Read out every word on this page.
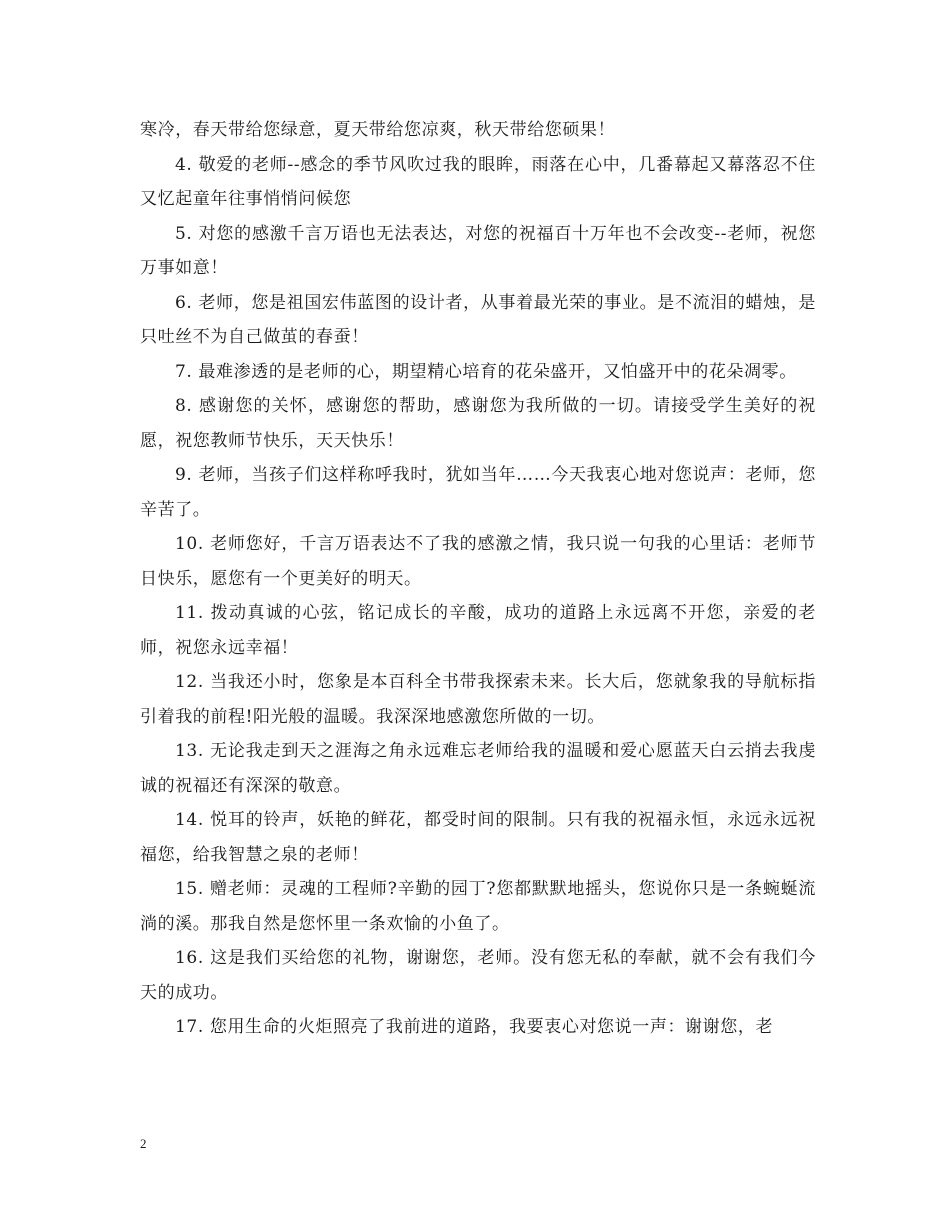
寒冷，春天带给您绿意，夏天带给您凉爽，秋天带给您硕果！

4. 敬爱的老师--感念的季节风吹过我的眼眸，雨落在心中，几番幕起又幕落忍不住又忆起童年往事悄悄问候您

5. 对您的感激千言万语也无法表达，对您的祝福百十万年也不会改变--老师，祝您万事如意！

6. 老师，您是祖国宏伟蓝图的设计者，从事着最光荣的事业。是不流泪的蜡烛，是只吐丝不为自己做茧的春蚕！

7. 最难渗透的是老师的心，期望精心培育的花朵盛开，又怕盛开中的花朵凋零。

8. 感谢您的关怀，感谢您的帮助，感谢您为我所做的一切。请接受学生美好的祝愿，祝您教师节快乐，天天快乐！

9. 老师，当孩子们这样称呼我时，犹如当年……今天我衷心地对您说声：老师，您辛苦了。

10. 老师您好，千言万语表达不了我的感激之情，我只说一句我的心里话：老师节日快乐，愿您有一个更美好的明天。

11. 拨动真诚的心弦，铭记成长的辛酸，成功的道路上永远离不开您，亲爱的老师，祝您永远幸福！

12. 当我还小时，您象是本百科全书带我探索未来。长大后，您就象我的导航标指引着我的前程!阳光般的温暖。我深深地感激您所做的一切。

13. 无论我走到天之涯海之角永远难忘老师给我的温暖和爱心愿蓝天白云捎去我虔诚的祝福还有深深的敬意。

14. 悦耳的铃声，妖艳的鲜花，都受时间的限制。只有我的祝福永恒，永远永远祝福您，给我智慧之泉的老师！

15. 赠老师：灵魂的工程师?辛勤的园丁?您都默默地摇头，您说你只是一条蜿蜒流淌的溪。那我自然是您怀里一条欢愉的小鱼了。

16. 这是我们买给您的礼物，谢谢您，老师。没有您无私的奉献，就不会有我们今天的成功。

17. 您用生命的火炬照亮了我前进的道路，我要衷心对您说一声：谢谢您，老

2
